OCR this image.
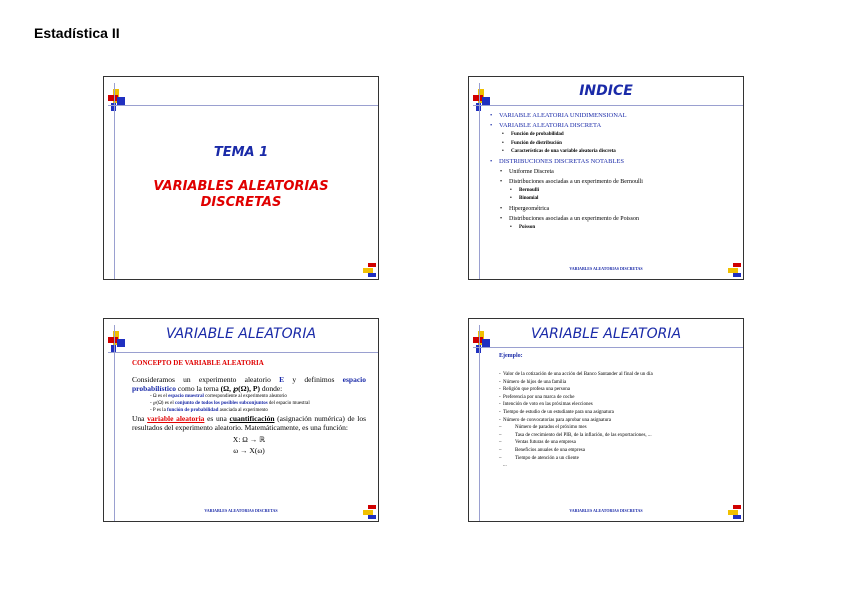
Estadística II
TEMA 1
VARIABLES ALEATORIAS
DISCRETAS
INDICE
• VARIABLE ALEATORIA UNIDIMENSIONAL
• VARIABLE ALEATORIA DISCRETA
• Función de probabilidad
• Función de distribución
• Características de una variable aleatoria discreta
• DISTRIBUCIONES DISCRETAS NOTABLES
• Uniforme Discreta
• Distribuciones asociadas a un experimento de Bernoulli
• Bernoulli
• Binomial
• Hipergeométrica
• Distribuciones asociadas a un experimento de Poisson
• Poisson
VARIABLES ALEATORIAS DISCRETAS
VARIABLE ALEATORIA
CONCEPTO DE VARIABLE ALEATORIA
Consideramos un experimento aleatorio E y definimos espacio probabilístico como la terna (Ω, ℘(Ω), P) donde:
- Ω es el espacio muestral correspondiente al experimento aleatorio
- ℘(Ω) es el conjunto de todos los posibles subconjuntos del espacio muestral
- P es la función de probabilidad asociada al experimento
Una variable aleatoria es una cuantificación (asignación numérica) de los resultados del experimento aleatorio. Matemáticamente, es una función:
X: Ω → ℝ
ω → X(ω)
VARIABLES ALEATORIAS DISCRETAS
VARIABLE ALEATORIA
Ejemplo:
- Valor de la cotización de una acción del Banco Santander al final de un día
- Número de hijos de una familia
- Religión que profesa una persona
- Preferencia por una marca de coche
- Intención de voto en las próximas elecciones
- Tiempo de estudio de un estudiante para una asignatura
- Número de convocatorias para aprobar una asignatura
– Número de parados el próximo mes
– Tasa de crecimiento del PIB, de la inflación, de las exportaciones, ...
– Ventas futuras de una empresa
– Beneficios anuales de una empresa
– Tiempo de atención a un cliente
...
VARIABLES ALEATORIAS DISCRETAS
